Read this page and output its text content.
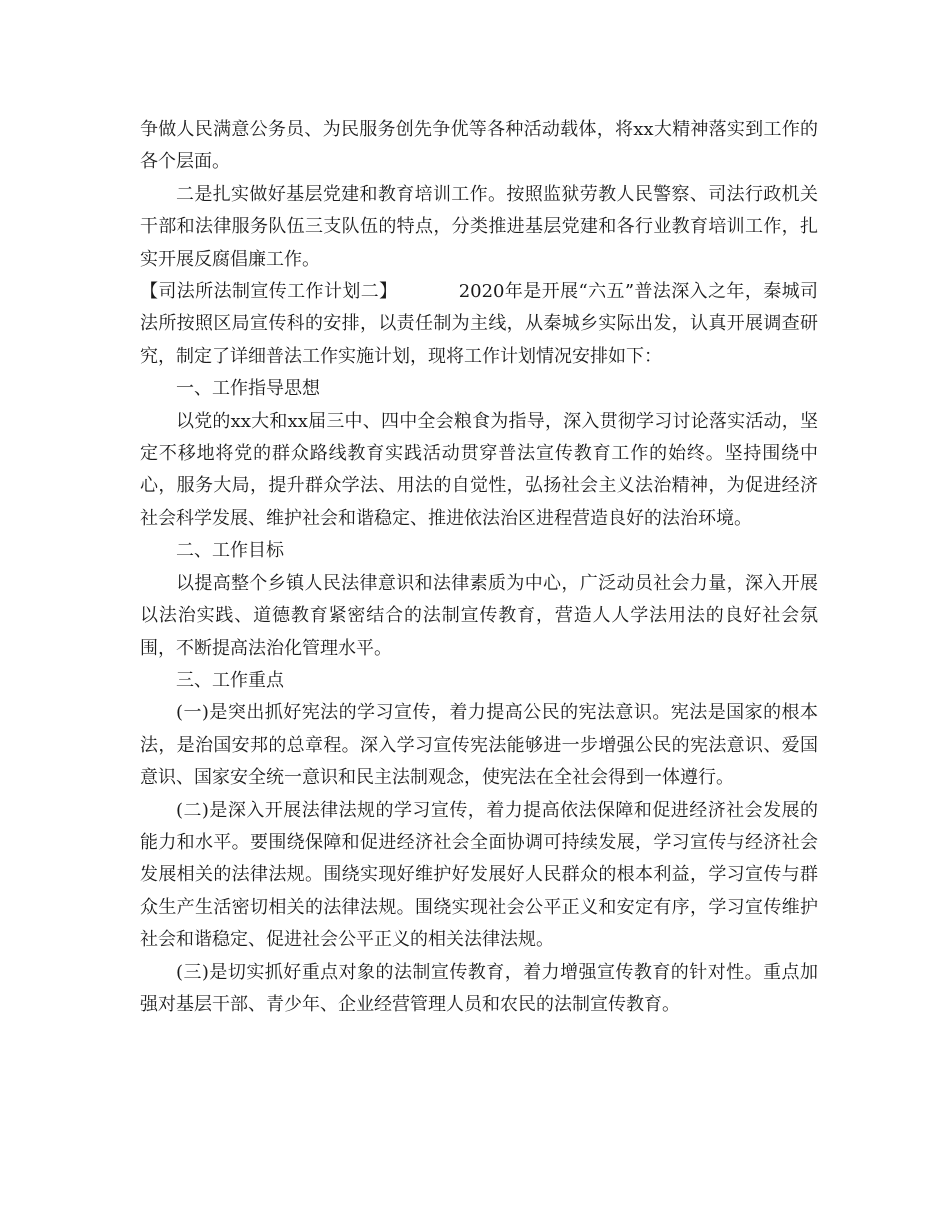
争做人民满意公务员、为民服务创先争优等各种活动载体，将xx大精神落实到工作的各个层面。

二是扎实做好基层党建和教育培训工作。按照监狱劳教人民警察、司法行政机关干部和法律服务队伍三支队伍的特点，分类推进基层党建和各行业教育培训工作，扎实开展反腐倡廉工作。

【司法所法制宣传工作计划二】	2020年是开展“六五”普法深入之年，秦城司法所按照区局宣传科的安排，以责任制为主线，从秦城乡实际出发，认真开展调查研究，制定了详细普法工作实施计划，现将工作计划情况安排如下：

一、工作指导思想

以党的xx大和xx届三中、四中全会粮食为指导，深入贯彻学习讨论落实活动，坚定不移地将党的群众路线教育实践活动贯穿普法宣传教育工作的始终。坚持围绕中心，服务大局，提升群众学法、用法的自觉性，弘扬社会主义法治精神，为促进经济社会科学发展、维护社会和谐稳定、推进依法治区进程营造良好的法治环境。

二、工作目标

以提高整个乡镇人民法律意识和法律素质为中心，广泛动员社会力量，深入开展以法治实践、道德教育紧密结合的法制宣传教育，营造人人学法用法的良好社会氛围，不断提高法治化管理水平。

三、工作重点

(一)是突出抓好宪法的学习宣传，着力提高公民的宪法意识。宪法是国家的根本法，是治国安邦的总章程。深入学习宣传宪法能够进一步增强公民的宪法意识、爱国意识、国家安全统一意识和民主法制观念，使宪法在全社会得到一体遵行。

(二)是深入开展法律法规的学习宣传，着力提高依法保障和促进经济社会发展的能力和水平。要围绕保障和促进经济社会全面协调可持续发展，学习宣传与经济社会发展相关的法律法规。围绕实现好维护好发展好人民群众的根本利益，学习宣传与群众生产生活密切相关的法律法规。围绕实现社会公平正义和安定有序，学习宣传维护社会和谐稳定、促进社会公平正义的相关法律法规。

(三)是切实抓好重点对象的法制宣传教育，着力增强宣传教育的针对性。重点加强对基层干部、青少年、企业经营管理人员和农民的法制宣传教育。
